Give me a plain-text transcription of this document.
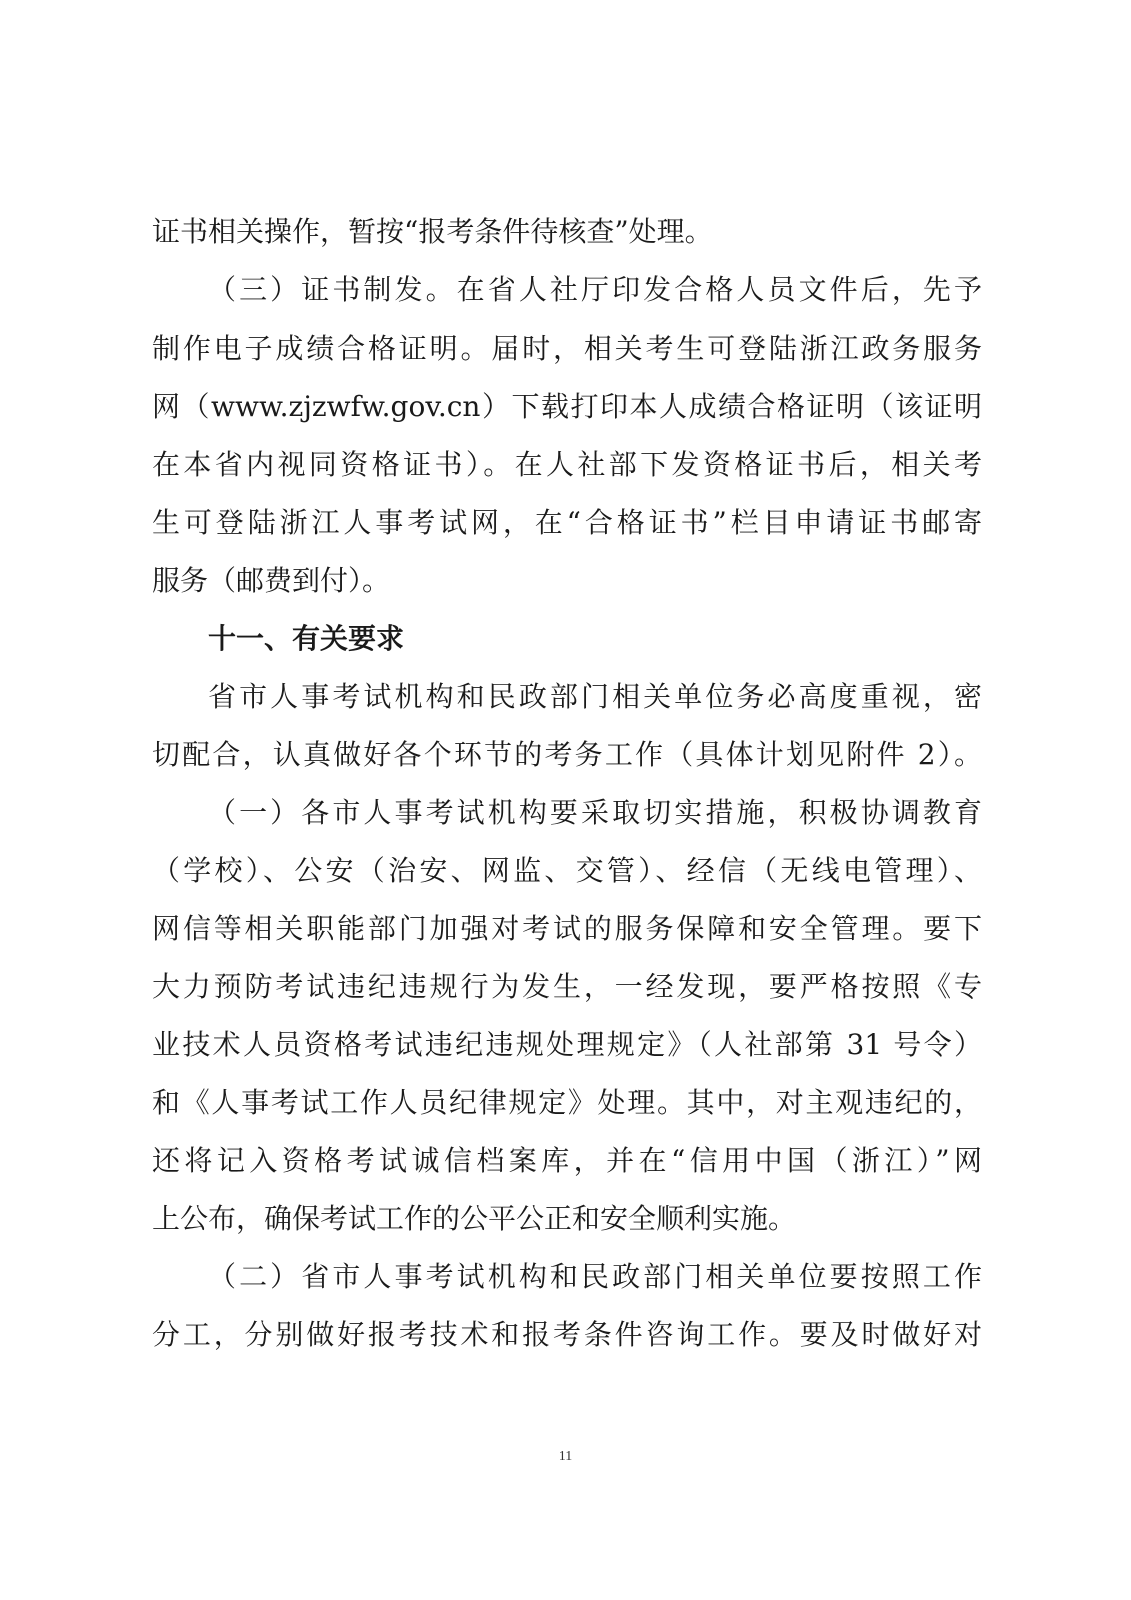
证书相关操作，暂按“报考条件待核查”处理。
（三）证书制发。在省人社厅印发合格人员文件后，先予
制作电子成绩合格证明。届时，相关考生可登陆浙江政务服务
网（www.zjzwfw.gov.cn）下载打印本人成绩合格证明（该证明
在本省内视同资格证书）。在人社部下发资格证书后，相关考
生可登陆浙江人事考试网，在“合格证书”栏目申请证书邮寄
服务（邮费到付）。
十一、有关要求
省市人事考试机构和民政部门相关单位务必高度重视，密
切配合，认真做好各个环节的考务工作（具体计划见附件 2）。
（一）各市人事考试机构要采取切实措施，积极协调教育
（学校）、公安（治安、网监、交管）、经信（无线电管理）、
网信等相关职能部门加强对考试的服务保障和安全管理。要下
大力预防考试违纪违规行为发生，一经发现，要严格按照《专
业技术人员资格考试违纪违规处理规定》（人社部第 31 号令）
和《人事考试工作人员纪律规定》处理。其中，对主观违纪的，
还将记入资格考试诚信档案库，并在“信用中国（浙江）”网
上公布，确保考试工作的公平公正和安全顺利实施。
（二）省市人事考试机构和民政部门相关单位要按照工作
分工，分别做好报考技术和报考条件咨询工作。要及时做好对
11
